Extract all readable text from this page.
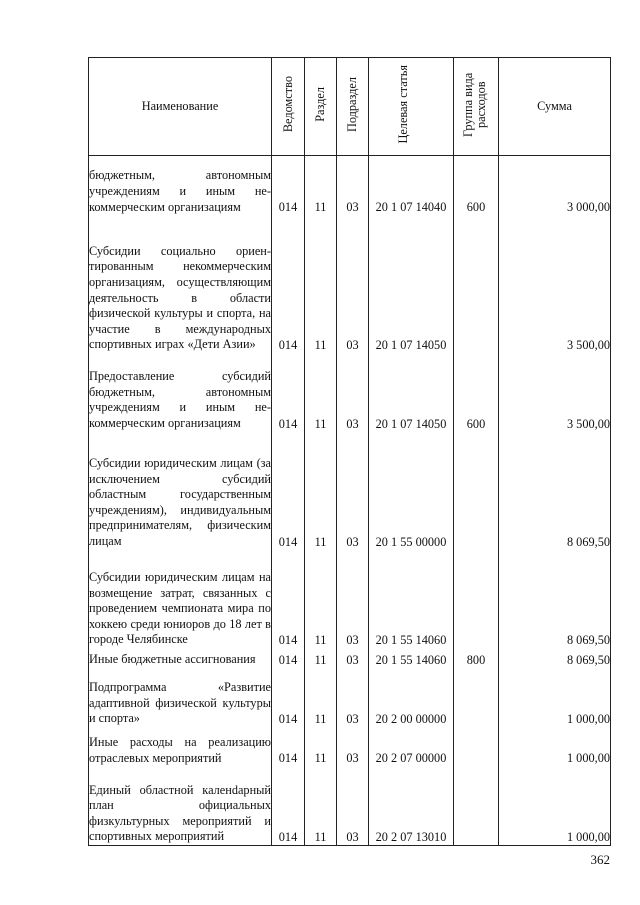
Наименование	Ведомство	Раздел	Подраздел	Целевая статья	Группа вида расходов	Сумма
бюджетным, автономным учреждениям и иным некоммерческим организациям	014	11	03	20 1 07 14040	600	3 000,00
Субсидии социально ориентированным некоммерческим организациям, осуществляющим деятельность в области физической культуры и спорта, на участие в международных спортивных играх «Дети Азии»	014	11	03	20 1 07 14050		3 500,00
Предоставление субсидий бюджетным, автономным учреждениям и иным некоммерческим организациям	014	11	03	20 1 07 14050	600	3 500,00
Субсидии юридическим лицам (за исключением субсидий областным государственным учреждениям), индивидуальным предпринимателям, физическим лицам	014	11	03	20 1 55 00000		8 069,50
Субсидии юридическим лицам на возмещение затрат, связанных с проведением чемпионата мира по хоккею среди юниоров до 18 лет в городе Челябинске	014	11	03	20 1 55 14060		8 069,50
Иные бюджетные ассигнования	014	11	03	20 1 55 14060	800	8 069,50
Подпрограмма «Развитие адаптивной физической культуры и спорта»	014	11	03	20 2 00 00000		1 000,00
Иные расходы на реализацию отраслевых мероприятий	014	11	03	20 2 07 00000		1 000,00
Единый областной каленdарный план официальных физкультурных мероприятий и спортивных мероприятий	014	11	03	20 2 07 13010		1 000,00
362
